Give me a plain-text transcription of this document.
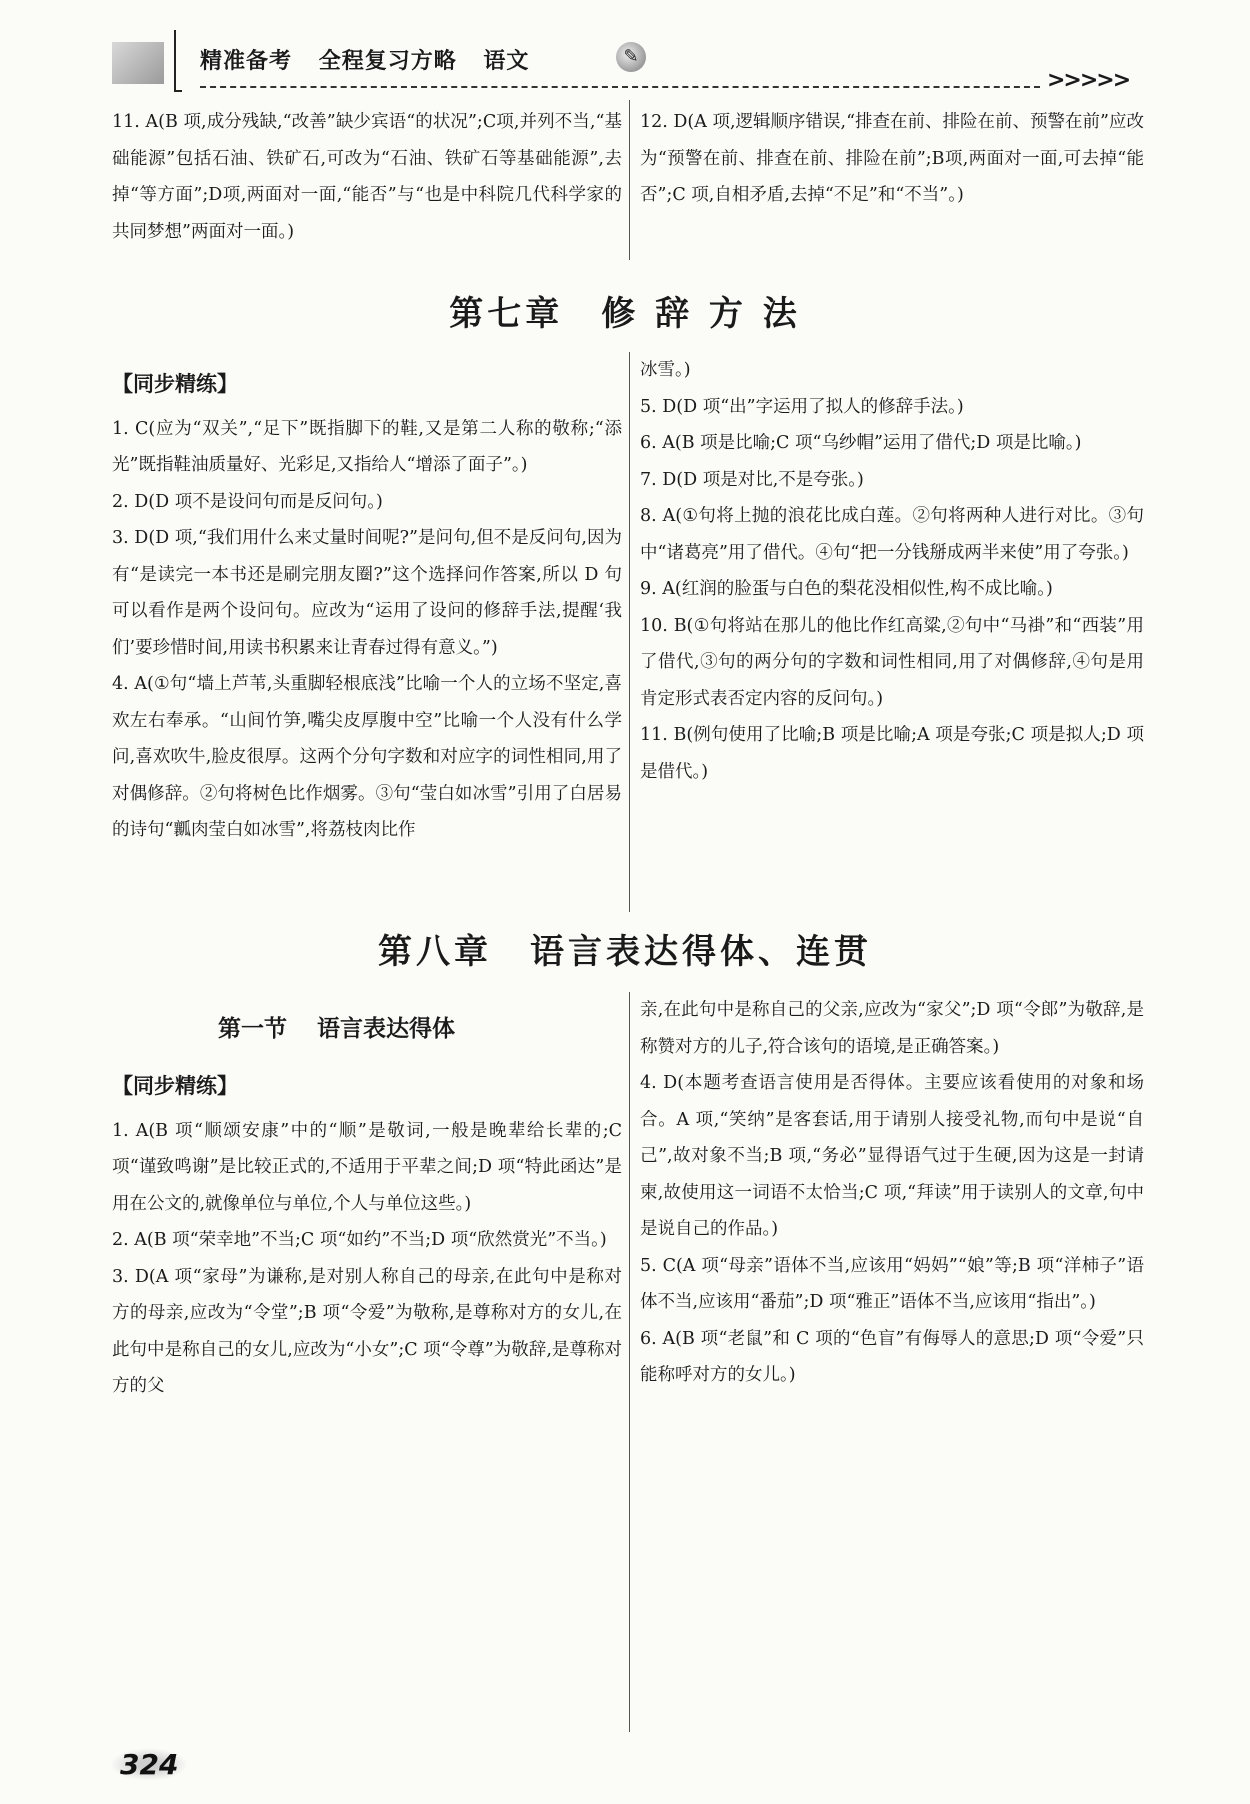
精准备考 全程复习方略 语文	✎
>>>>>

11. A(B 项,成分残缺,“改善”缺少宾语“的状况”;C项,并列不当,“基础能源”包括石油、铁矿石,可改为“石油、铁矿石等基础能源”,去掉“等方面”;D项,两面对一面,“能否”与“也是中科院几代科学家的共同梦想”两面对一面。)

12. D(A 项,逻辑顺序错误,“排查在前、排险在前、预警在前”应改为“预警在前、排查在前、排险在前”;B项,两面对一面,可去掉“能否”;C 项,自相矛盾,去掉“不足”和“不当”。)

第七章 修 辞 方 法

【同步精练】

1. C(应为“双关”,“足下”既指脚下的鞋,又是第二人称的敬称;“添光”既指鞋油质量好、光彩足,又指给人“增添了面子”。)

2. D(D 项不是设问句而是反问句。)

3. D(D 项,“我们用什么来丈量时间呢?”是问句,但不是反问句,因为有“是读完一本书还是刷完朋友圈?”这个选择问作答案,所以 D 句可以看作是两个设问句。应改为“运用了设问的修辞手法,提醒‘我们’要珍惜时间,用读书积累来让青春过得有意义。”)

4. A(①句“墙上芦苇,头重脚轻根底浅”比喻一个人的立场不坚定,喜欢左右奉承。“山间竹笋,嘴尖皮厚腹中空”比喻一个人没有什么学问,喜欢吹牛,脸皮很厚。这两个分句字数和对应字的词性相同,用了对偶修辞。②句将树色比作烟雾。③句“莹白如冰雪”引用了白居易的诗句“瓤肉莹白如冰雪”,将荔枝肉比作

冰雪。)

5. D(D 项“出”字运用了拟人的修辞手法。)

6. A(B 项是比喻;C 项“乌纱帽”运用了借代;D 项是比喻。)

7. D(D 项是对比,不是夸张。)

8. A(①句将上抛的浪花比成白莲。②句将两种人进行对比。③句中“诸葛亮”用了借代。④句“把一分钱掰成两半来使”用了夸张。)

9. A(红润的脸蛋与白色的梨花没相似性,构不成比喻。)

10. B(①句将站在那儿的他比作红高粱,②句中“马褂”和“西装”用了借代,③句的两分句的字数和词性相同,用了对偶修辞,④句是用肯定形式表否定内容的反问句。)

11. B(例句使用了比喻;B 项是比喻;A 项是夸张;C 项是拟人;D 项是借代。)

第八章 语言表达得体、连贯
第一节 语言表达得体

【同步精练】

1. A(B 项“顺颂安康”中的“顺”是敬词,一般是晚辈给长辈的;C 项“谨致鸣谢”是比较正式的,不适用于平辈之间;D 项“特此函达”是用在公文的,就像单位与单位,个人与单位这些。)

2. A(B 项“荣幸地”不当;C 项“如约”不当;D 项“欣然赏光”不当。)

3. D(A 项“家母”为谦称,是对别人称自己的母亲,在此句中是称对方的母亲,应改为“令堂”;B 项“令爱”为敬称,是尊称对方的女儿,在此句中是称自己的女儿,应改为“小女”;C 项“令尊”为敬辞,是尊称对方的父

亲,在此句中是称自己的父亲,应改为“家父”;D 项“令郎”为敬辞,是称赞对方的儿子,符合该句的语境,是正确答案。)

4. D(本题考查语言使用是否得体。主要应该看使用的对象和场合。A 项,“笑纳”是客套话,用于请别人接受礼物,而句中是说“自己”,故对象不当;B 项,“务必”显得语气过于生硬,因为这是一封请柬,故使用这一词语不太恰当;C 项,“拜读”用于读别人的文章,句中是说自己的作品。)

5. C(A 项“母亲”语体不当,应该用“妈妈”“娘”等;B 项“洋柿子”语体不当,应该用“番茄”;D 项“雅正”语体不当,应该用“指出”。)

6. A(B 项“老鼠”和 C 项的“色盲”有侮辱人的意思;D 项“令爱”只能称呼对方的女儿。)

324
